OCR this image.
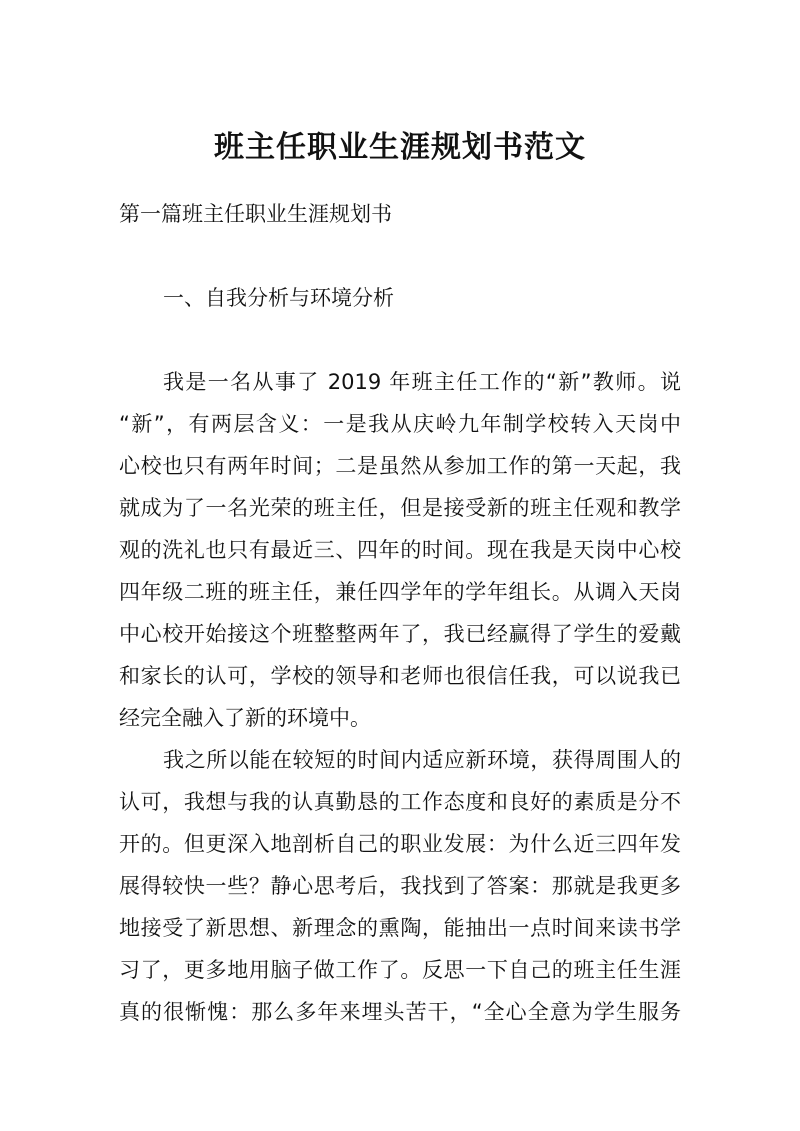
班主任职业生涯规划书范文
第一篇班主任职业生涯规划书
一、自我分析与环境分析
我是一名从事了 2019 年班主任工作的“新”教师。说
“新”，有两层含义：一是我从庆岭九年制学校转入天岗中
心校也只有两年时间；二是虽然从参加工作的第一天起，我
就成为了一名光荣的班主任，但是接受新的班主任观和教学
观的洗礼也只有最近三、四年的时间。现在我是天岗中心校
四年级二班的班主任，兼任四学年的学年组长。从调入天岗
中心校开始接这个班整整两年了，我已经赢得了学生的爱戴
和家长的认可，学校的领导和老师也很信任我，可以说我已
经完全融入了新的环境中。
我之所以能在较短的时间内适应新环境，获得周围人的
认可，我想与我的认真勤恳的工作态度和良好的素质是分不
开的。但更深入地剖析自己的职业发展：为什么近三四年发
展得较快一些？静心思考后，我找到了答案：那就是我更多
地接受了新思想、新理念的熏陶，能抽出一点时间来读书学
习了，更多地用脑子做工作了。反思一下自己的班主任生涯
真的很惭愧：那么多年来埋头苦干，“全心全意为学生服务
